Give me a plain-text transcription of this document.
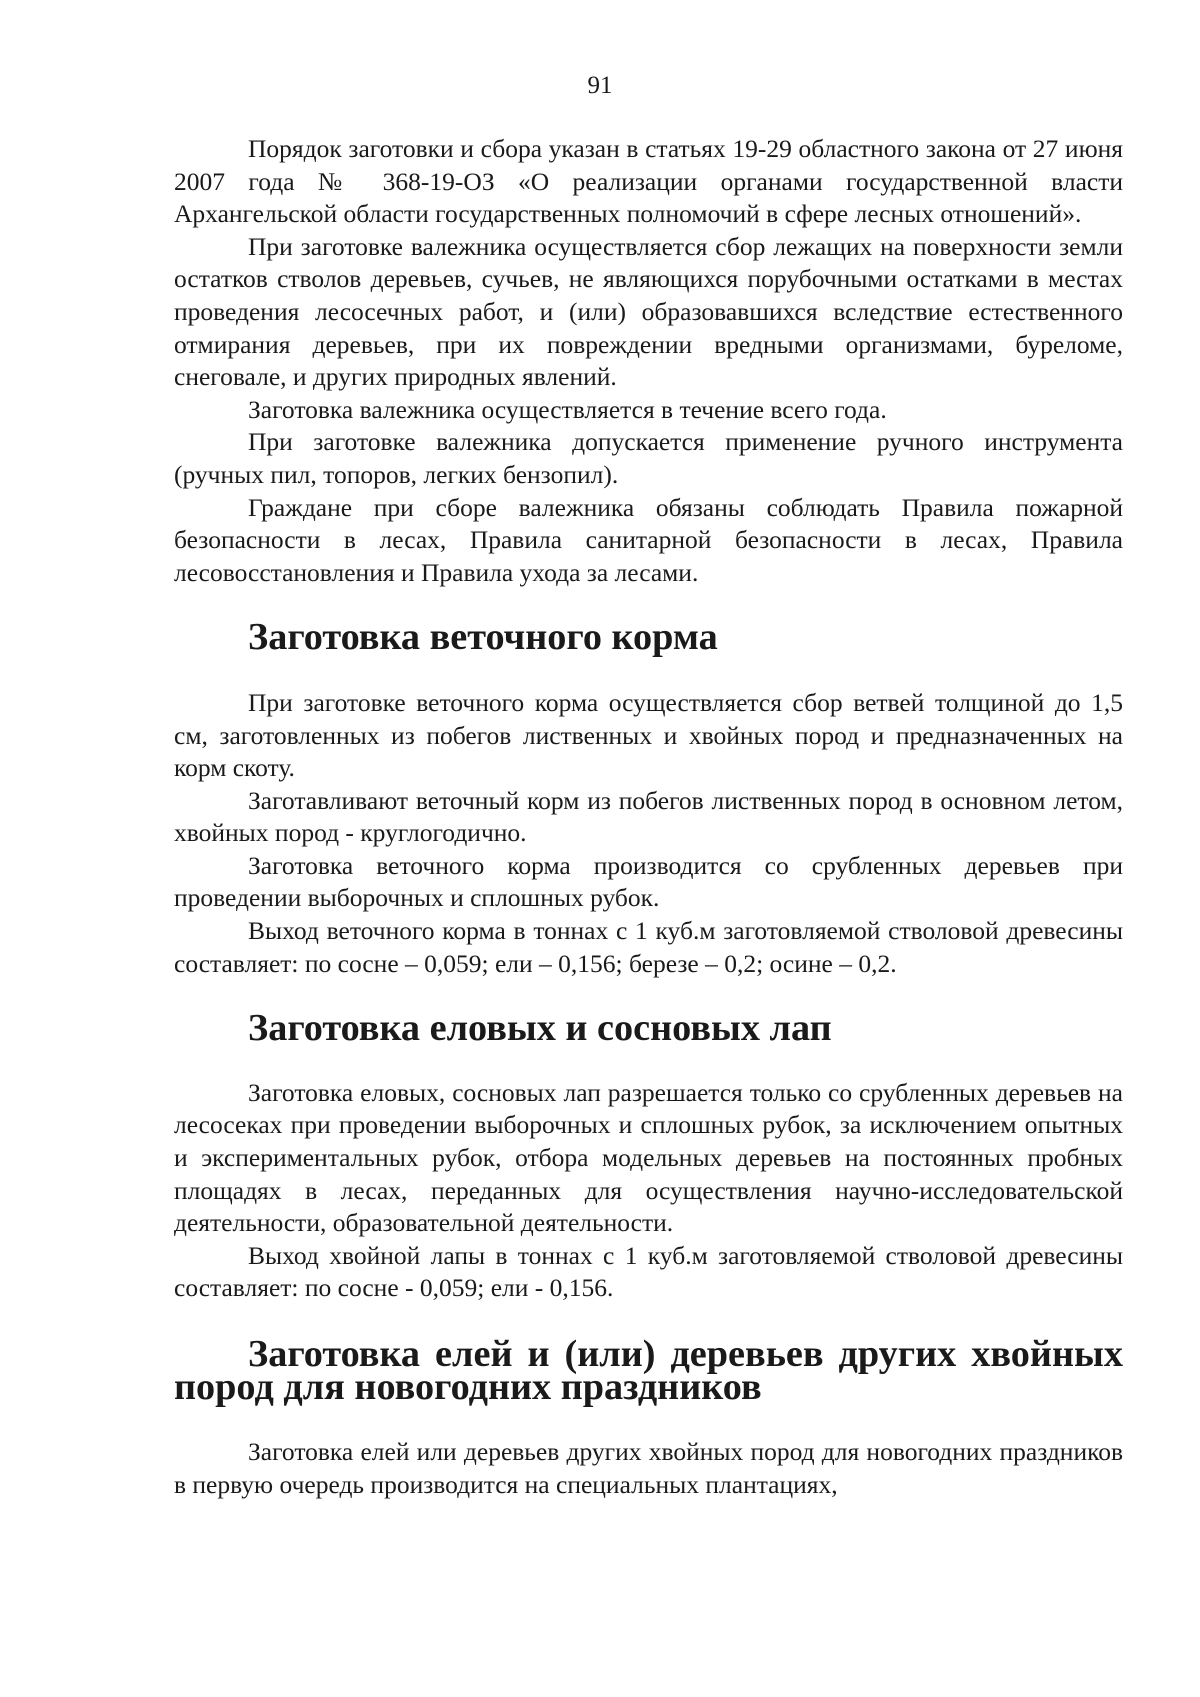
91

Порядок заготовки и сбора указан в статьях 19-29 областного закона от 27 июня 2007 года № 368-19-ОЗ «О реализации органами государственной власти Архангельской области государственных полномочий в сфере лесных отношений».

При заготовке валежника осуществляется сбор лежащих на поверхности земли остатков стволов деревьев, сучьев, не являющихся порубочными остатками в местах проведения лесосечных работ, и (или) образовавшихся вследствие естественного отмирания деревьев, при их повреждении вредными организмами, буреломе, снеговале, и других природных явлений.

Заготовка валежника осуществляется в течение всего года.

При заготовке валежника допускается применение ручного инструмента (ручных пил, топоров, легких бензопил).

Граждане при сборе валежника обязаны соблюдать Правила пожарной безопасности в лесах, Правила санитарной безопасности в лесах, Правила лесовосстановления и Правила ухода за лесами.

Заготовка веточного корма

При заготовке веточного корма осуществляется сбор ветвей толщиной до 1,5 см, заготовленных из побегов лиственных и хвойных пород и предназначенных на корм скоту.

Заготавливают веточный корм из побегов лиственных пород в основном летом, хвойных пород - круглогодично.

Заготовка веточного корма производится со срубленных деревьев при проведении выборочных и сплошных рубок.

Выход веточного корма в тоннах с 1 куб.м заготовляемой стволовой древесины составляет: по сосне – 0,059; ели – 0,156; березе – 0,2; осине – 0,2.

Заготовка еловых и сосновых лап

Заготовка еловых, сосновых лап разрешается только со срубленных деревьев на лесосеках при проведении выборочных и сплошных рубок, за исключением опытных и экспериментальных рубок, отбора модельных деревьев на постоянных пробных площадях в лесах, переданных для осуществления научно-исследовательской деятельности, образовательной деятельности.

Выход хвойной лапы в тоннах с 1 куб.м заготовляемой стволовой древесины составляет: по сосне - 0,059; ели - 0,156.

Заготовка елей и (или) деревьев других хвойных пород для новогодних праздников

Заготовка елей или деревьев других хвойных пород для новогодних праздников в первую очередь производится на специальных плантациях,
